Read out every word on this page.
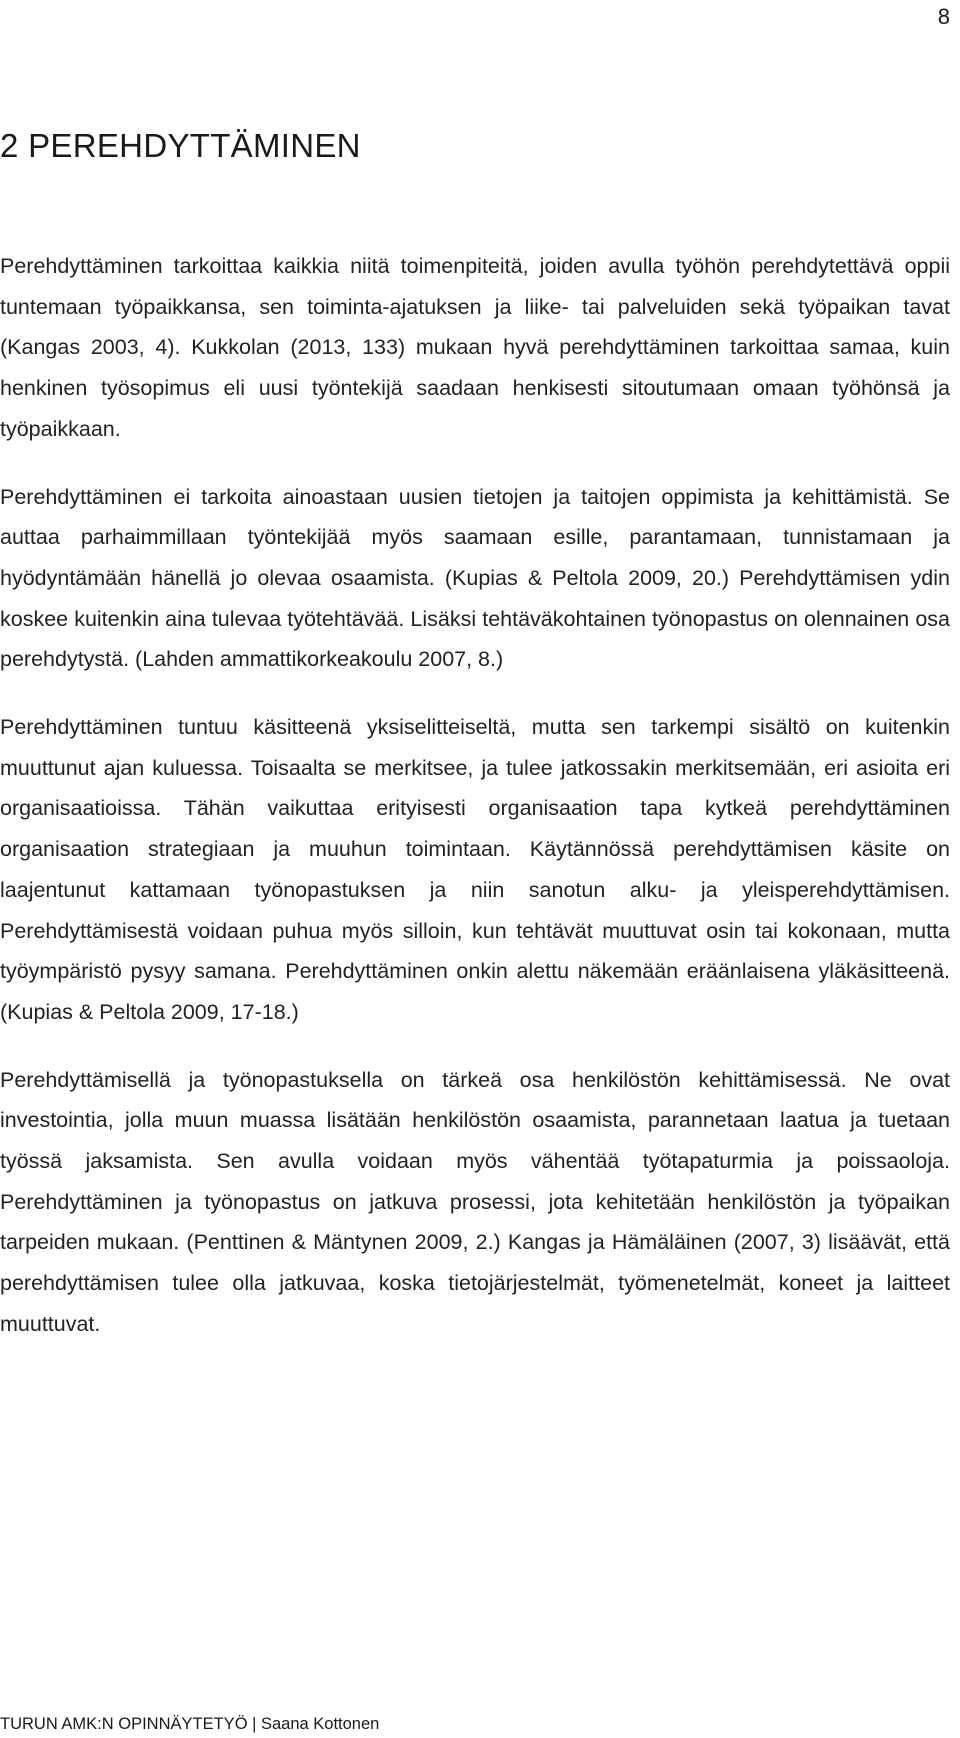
8
2 PEREHDYTTÄMINEN

Perehdyttäminen tarkoittaa kaikkia niitä toimenpiteitä, joiden avulla työhön perehdytettävä oppii tuntemaan työpaikkansa, sen toiminta-ajatuksen ja liike- tai palveluiden sekä työpaikan tavat (Kangas 2003, 4). Kukkolan (2013, 133) mukaan hyvä perehdyttäminen tarkoittaa samaa, kuin henkinen työsopimus eli uusi työntekijä saadaan henkisesti sitoutumaan omaan työhönsä ja työpaikkaan.

Perehdyttäminen ei tarkoita ainoastaan uusien tietojen ja taitojen oppimista ja kehittämistä. Se auttaa parhaimmillaan työntekijää myös saamaan esille, parantamaan, tunnistamaan ja hyödyntämään hänellä jo olevaa osaamista. (Kupias & Peltola 2009, 20.) Perehdyttämisen ydin koskee kuitenkin aina tulevaa työtehtävää. Lisäksi tehtäväkohtainen työnopastus on olennainen osa perehdytystä. (Lahden ammattikorkeakoulu 2007, 8.)

Perehdyttäminen tuntuu käsitteenä yksiselitteiseltä, mutta sen tarkempi sisältö on kuitenkin muuttunut ajan kuluessa. Toisaalta se merkitsee, ja tulee jatkossakin merkitsemään, eri asioita eri organisaatioissa. Tähän vaikuttaa erityisesti organisaation tapa kytkeä perehdyttäminen organisaation strategiaan ja muuhun toimintaan. Käytännössä perehdyttämisen käsite on laajentunut kattamaan työnopastuksen ja niin sanotun alku- ja yleisperehdyttämisen. Perehdyttämisestä voidaan puhua myös silloin, kun tehtävät muuttuvat osin tai kokonaan, mutta työympäristö pysyy samana. Perehdyttäminen onkin alettu näkemään eräänlaisena yläkäsitteenä. (Kupias & Peltola 2009, 17-18.)

Perehdyttämisellä ja työnopastuksella on tärkeä osa henkilöstön kehittämisessä. Ne ovat investointia, jolla muun muassa lisätään henkilöstön osaamista, parannetaan laatua ja tuetaan työssä jaksamista. Sen avulla voidaan myös vähentää työtapaturmia ja poissaoloja. Perehdyttäminen ja työnopastus on jatkuva prosessi, jota kehitetään henkilöstön ja työpaikan tarpeiden mukaan. (Penttinen & Mäntynen 2009, 2.) Kangas ja Hämäläinen (2007, 3) lisäävät, että perehdyttämisen tulee olla jatkuvaa, koska tietojärjestelmät, työmenetelmät, koneet ja laitteet muuttuvat.

TURUN AMK:N OPINNÄYTETYÖ | Saana Kottonen
